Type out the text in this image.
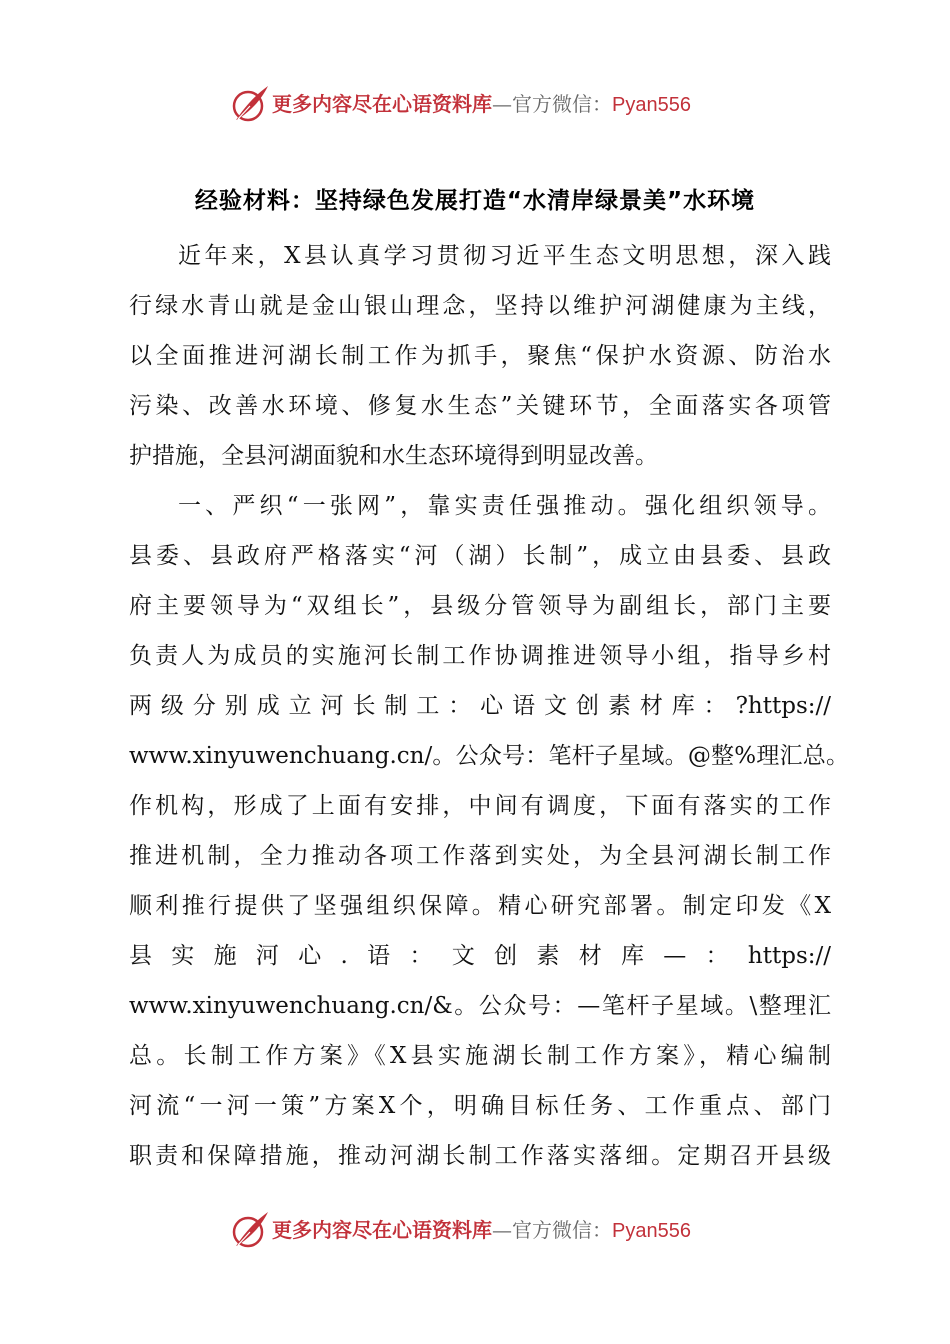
更多内容尽在心语资料库—官方微信：Pyan556
经验材料：坚持绿色发展打造“水清岸绿景美”水环境
近年来，X县认真学习贯彻习近平生态文明思想，深入践
行绿水青山就是金山银山理念，坚持以维护河湖健康为主线，
以全面推进河湖长制工作为抓手，聚焦“保护水资源、防治水
污染、改善水环境、修复水生态”关键环节，全面落实各项管
护措施，全县河湖面貌和水生态环境得到明显改善。
一、严织“一张网”，靠实责任强推动。强化组织领导。
县委、县政府严格落实“河（湖）长制”，成立由县委、县政
府主要领导为“双组长”，县级分管领导为副组长，部门主要
负责人为成员的实施河长制工作协调推进领导小组，指导乡村
两级分别成立河长制工：心语文创素材库：?https://
www.xinyuwenchuang.cn/。公众号：笔杆子星域。@整%理汇总。
作机构，形成了上面有安排，中间有调度，下面有落实的工作
推进机制，全力推动各项工作落到实处，为全县河湖长制工作
顺利推行提供了坚强组织保障。精心研究部署。制定印发《X
县实施河心.语：文创素材库—：https://
www.xinyuwenchuang.cn/&。公众号：—笔杆子星域。\整理汇
总。长制工作方案》《X县实施湖长制工作方案》，精心编制
河流“一河一策”方案X个，明确目标任务、工作重点、部门
职责和保障措施，推动河湖长制工作落实落细。定期召开县级
更多内容尽在心语资料库—官方微信：Pyan556
